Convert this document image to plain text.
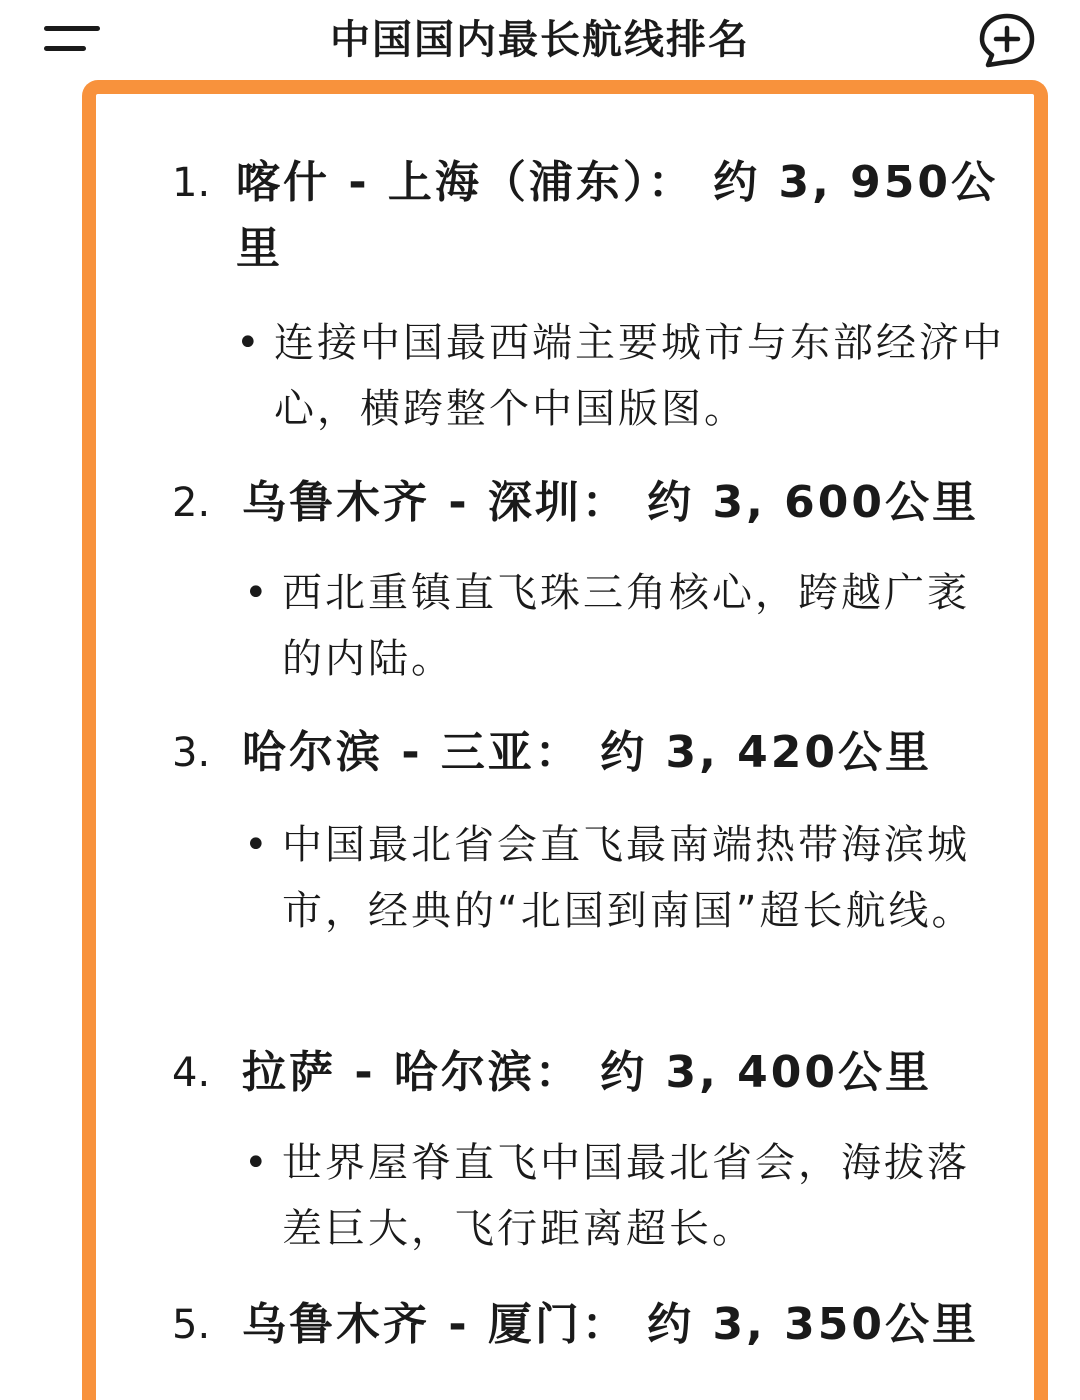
中国国内最长航线排名
1. 喀什 - 上海（浦东）： 约 3, 950公里
• 连接中国最西端主要城市与东部经济中心，横跨整个中国版图。
2. 乌鲁木齐 - 深圳： 约 3, 600公里
• 西北重镇直飞珠三角核心，跨越广袤的内陆。
3. 哈尔滨 - 三亚： 约 3, 420公里
• 中国最北省会直飞最南端热带海滨城市，经典的“北国到南国”超长航线。
4. 拉萨 - 哈尔滨： 约 3, 400公里
• 世界屋脊直飞中国最北省会，海拔落差巨大，飞行距离超长。
5. 乌鲁木齐 - 厦门： 约 3, 350公里
